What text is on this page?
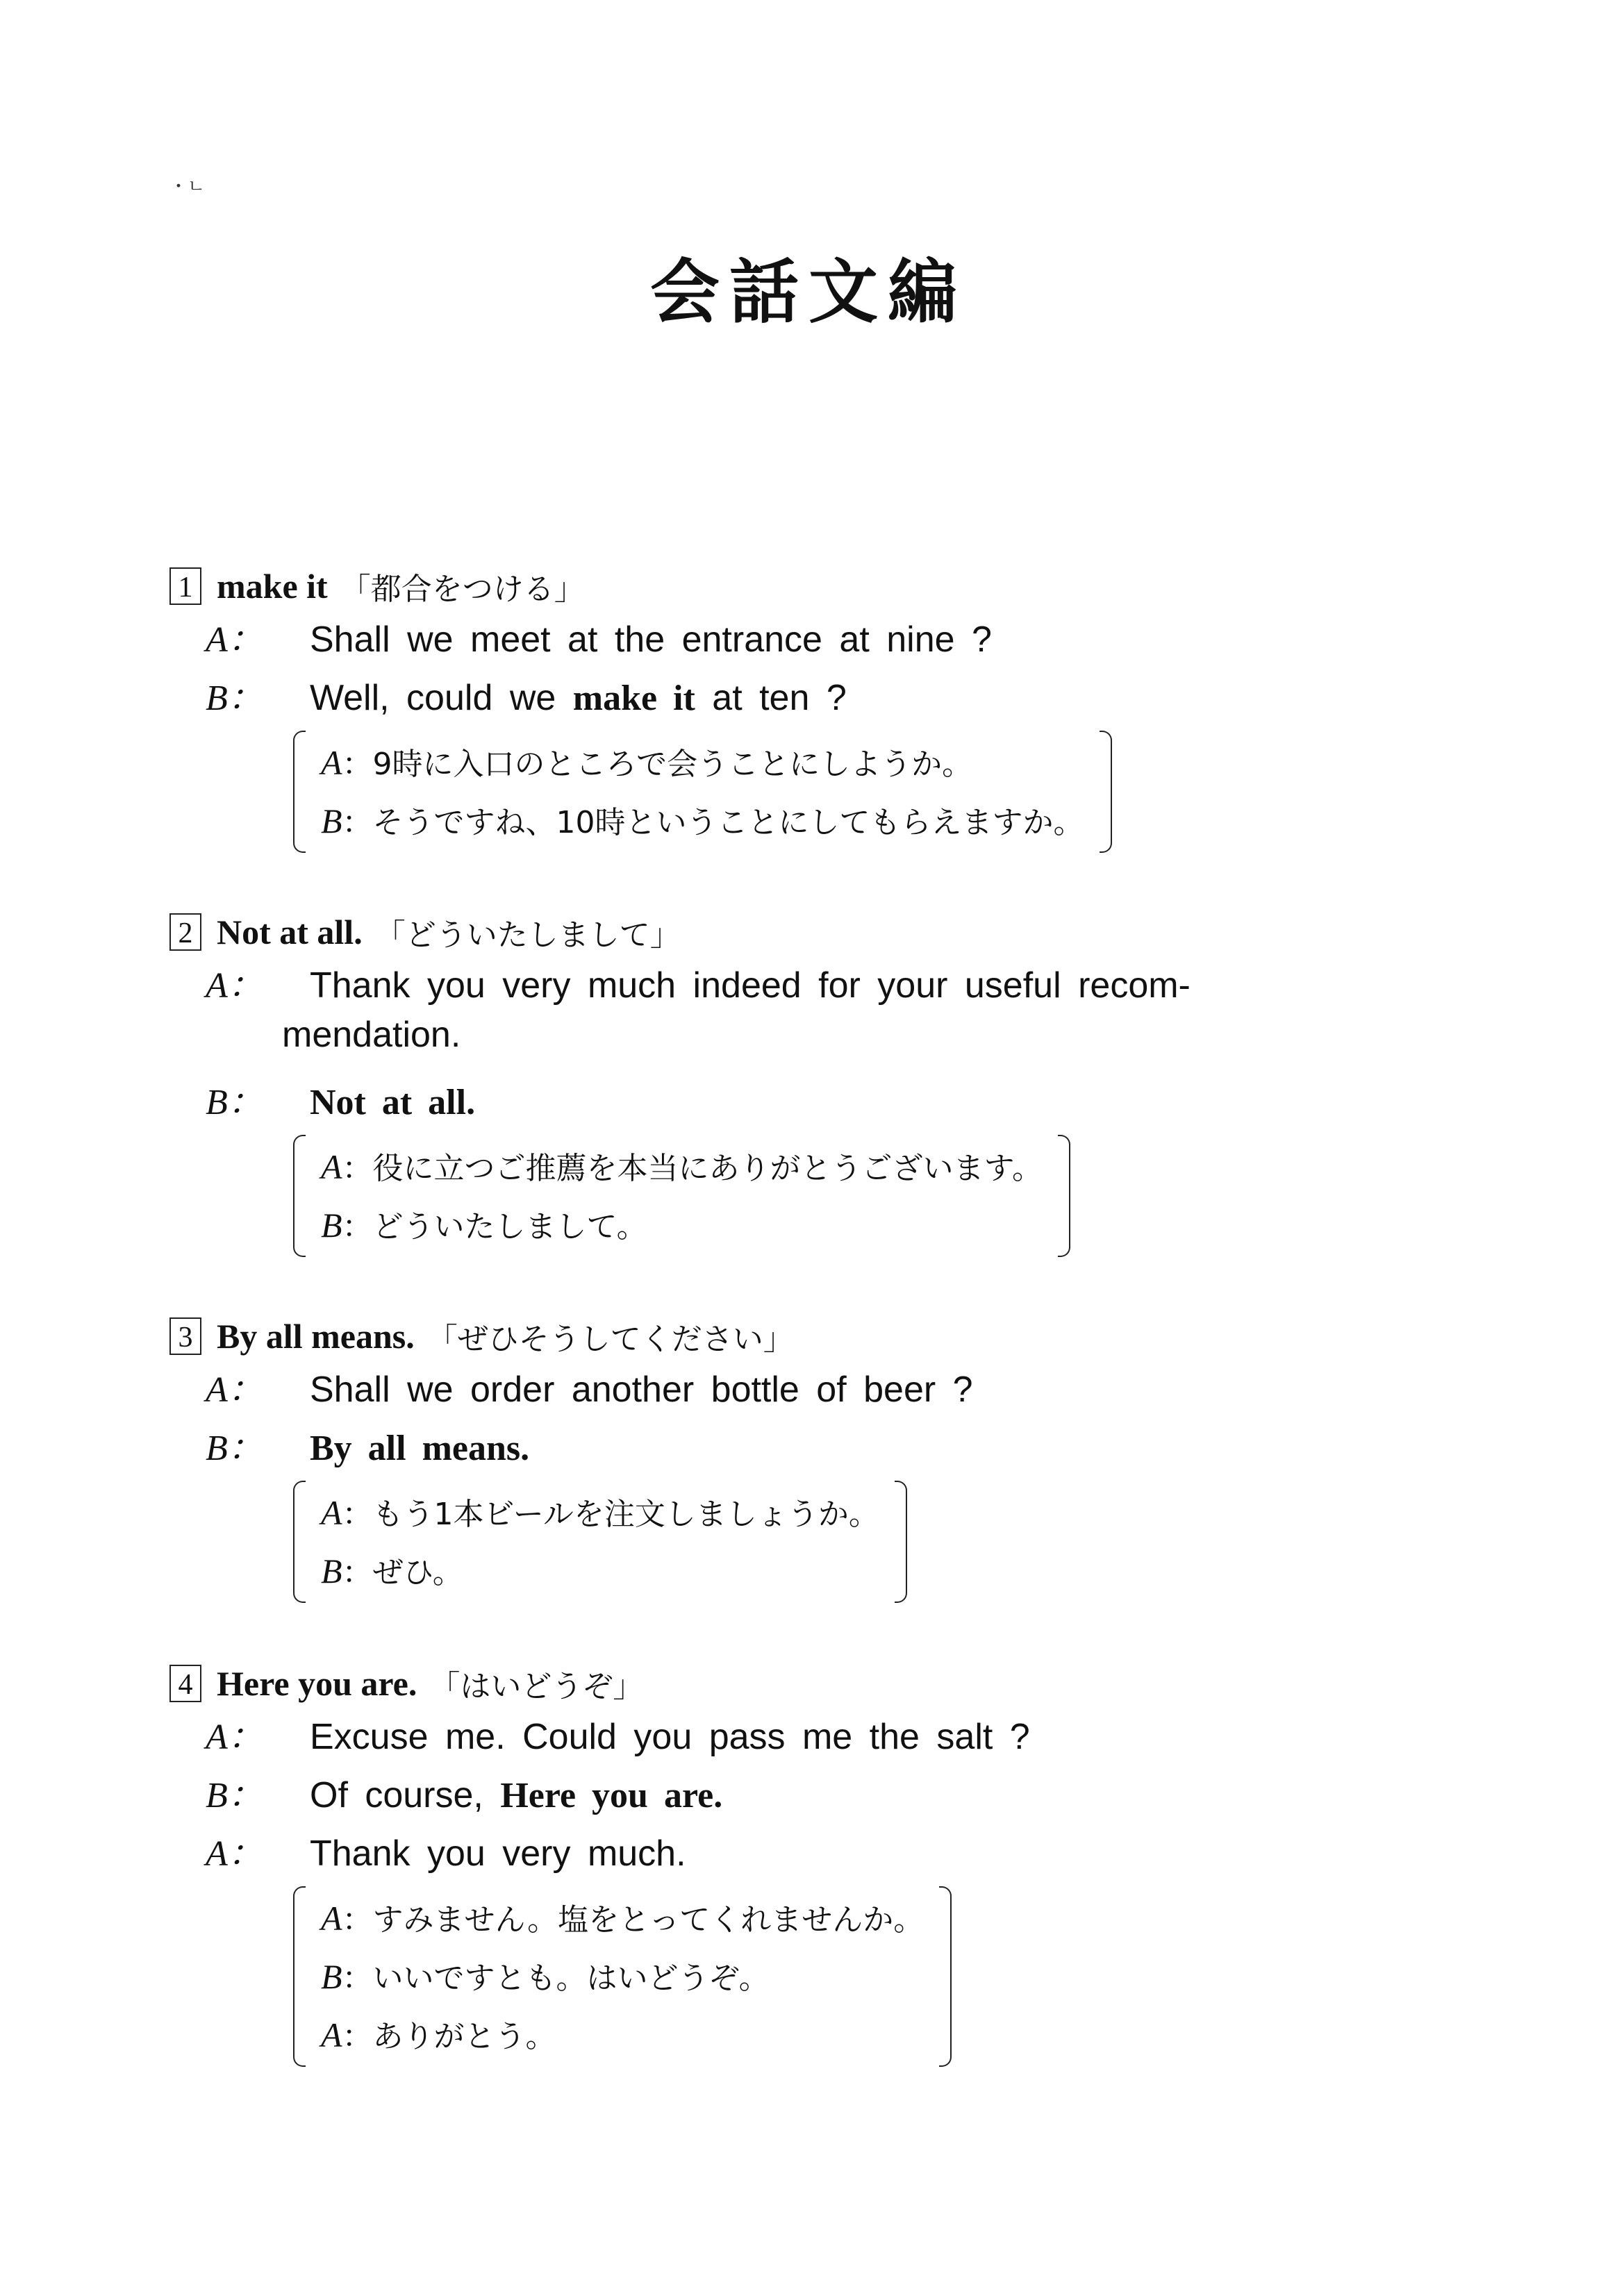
・ㄴ
会話文編
1 make it 「都合をつける」
A：	Shall we meet at the entrance at nine ?
B：	Well, could we make it at ten ?
A：9時に入口のところで会うことにしようか。
B：そうですね、10時ということにしてもらえますか。
2 Not at all. 「どういたしまして」
A：	Thank you very much indeed for your useful recom-
mendation.
B：	Not at all.
A：役に立つご推薦を本当にありがとうございます。
B：どういたしまして。
3 By all means. 「ぜひそうしてください」
A：	Shall we order another bottle of beer ?
B：	By all means.
A：もう1本ビールを注文しましょうか。
B：ぜひ。
4 Here you are. 「はいどうぞ」
A：	Excuse me. Could you pass me the salt ?
B：	Of course, Here you are.
A：	Thank you very much.
A：すみません。塩をとってくれませんか。
B：いいですとも。はいどうぞ。
A：ありがとう。
